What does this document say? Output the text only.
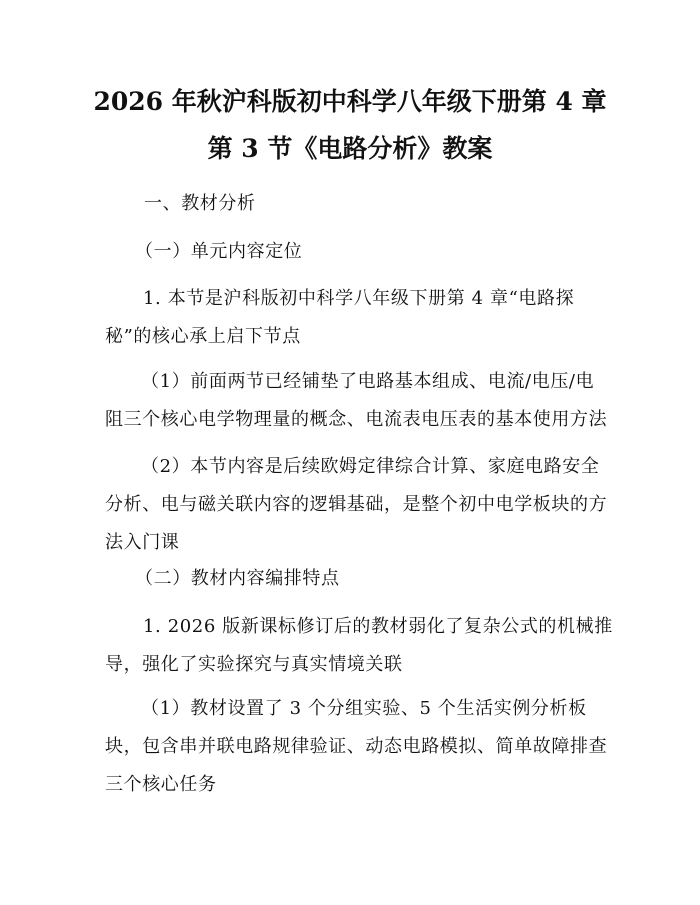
2026 年秋沪科版初中科学八年级下册第 4 章
第 3 节《电路分析》教案
一、教材分析
（一）单元内容定位
1. 本节是沪科版初中科学八年级下册第 4 章“电路探
秘”的核心承上启下节点
（1）前面两节已经铺垫了电路基本组成、电流/电压/电
阻三个核心电学物理量的概念、电流表电压表的基本使用方法
（2）本节内容是后续欧姆定律综合计算、家庭电路安全
分析、电与磁关联内容的逻辑基础，是整个初中电学板块的方
法入门课
（二）教材内容编排特点
1. 2026 版新课标修订后的教材弱化了复杂公式的机械推
导，强化了实验探究与真实情境关联
（1）教材设置了 3 个分组实验、5 个生活实例分析板
块，包含串并联电路规律验证、动态电路模拟、简单故障排查
三个核心任务
